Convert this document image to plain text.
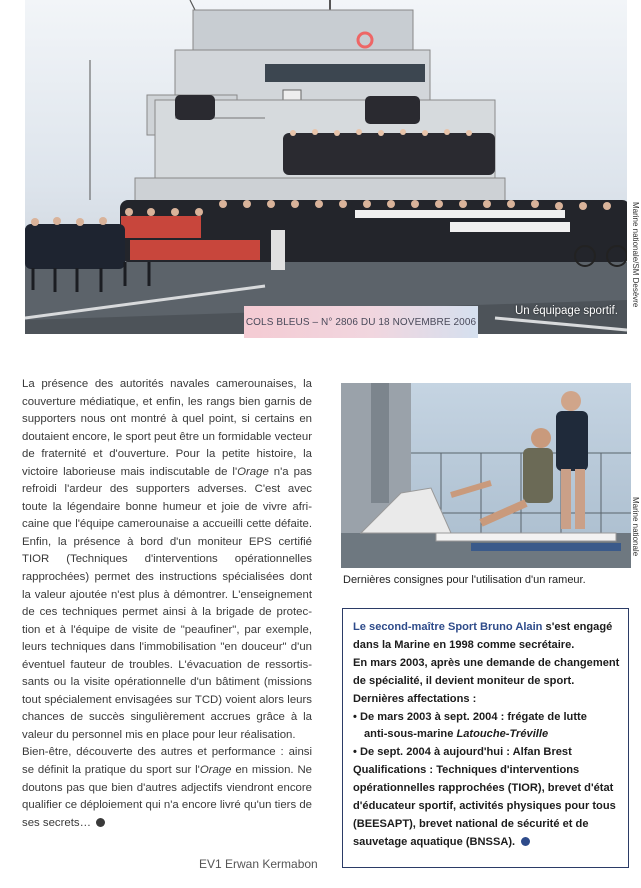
COLS BLEUS – N° 2806 DU 18 NOVEMBRE 2006
Un équipage sportif.
Marine nationale/SM Desèvre

La présence des autorités navales camerounaises, la couverture médiatique, et enfin, les rangs bien garnis de supporters nous ont montré à quel point, si certains en doutaient encore, le sport peut être un formidable vecteur de fraternité et d'ouverture. Pour la petite histoire, la victoire laborieuse mais indiscutable de l'Orage n'a pas refroidi l'ardeur des supporters adverses. C'est avec toute la légendaire bonne humeur et joie de vivre afri- caine que l'équipe camerounaise a accueilli cette défaite. Enfin, la présence à bord d'un moniteur EPS certifié TIOR (Techniques d'interventions opérationnelles rapprochées) permet des instructions spécialisées dont la valeur ajoutée n'est plus à démontrer. L'enseignement de ces techniques permet ainsi à la brigade de protec- tion et à l'équipe de visite de "peaufiner", par exemple, leurs techniques dans l'immobilisation "en douceur" d'un éventuel fauteur de troubles. L'évacuation de ressortis- sants ou la visite opérationnelle d'un bâtiment (missions tout spécialement envisagées sur TCD) voient alors leurs chances de succès singulièrement accrues grâce à la valeur du personnel mis en place pour leur réalisation.

Bien-être, découverte des autres et performance : ainsi se définit la pratique du sport sur l'Orage en mission. Ne doutons pas que bien d'autres adjectifs viendront encore qualifier ce déploiement qui n'a encore livré qu'un tiers de ses secrets…

EV1 Erwan Kermabon
Dernières consignes pour l'utilisation d'un rameur.
Marine nationale
Le second-maître Sport Bruno Alain s'est engagé
dans la Marine en 1998 comme secrétaire.
En mars 2003, après une demande de changement
de spécialité, il devient moniteur de sport.
Dernières affectations :
• De mars 2003 à sept. 2004 : frégate de lutte
anti-sous-marine Latouche-Tréville
• De sept. 2004 à aujourd'hui : Alfan Brest
Qualifications : Techniques d'interventions
opérationnelles rapprochées (TIOR), brevet d'état
d'éducateur sportif, activités physiques pour tous
(BEESAPT), brevet national de sécurité et de
sauvetage aquatique (BNSSA).
